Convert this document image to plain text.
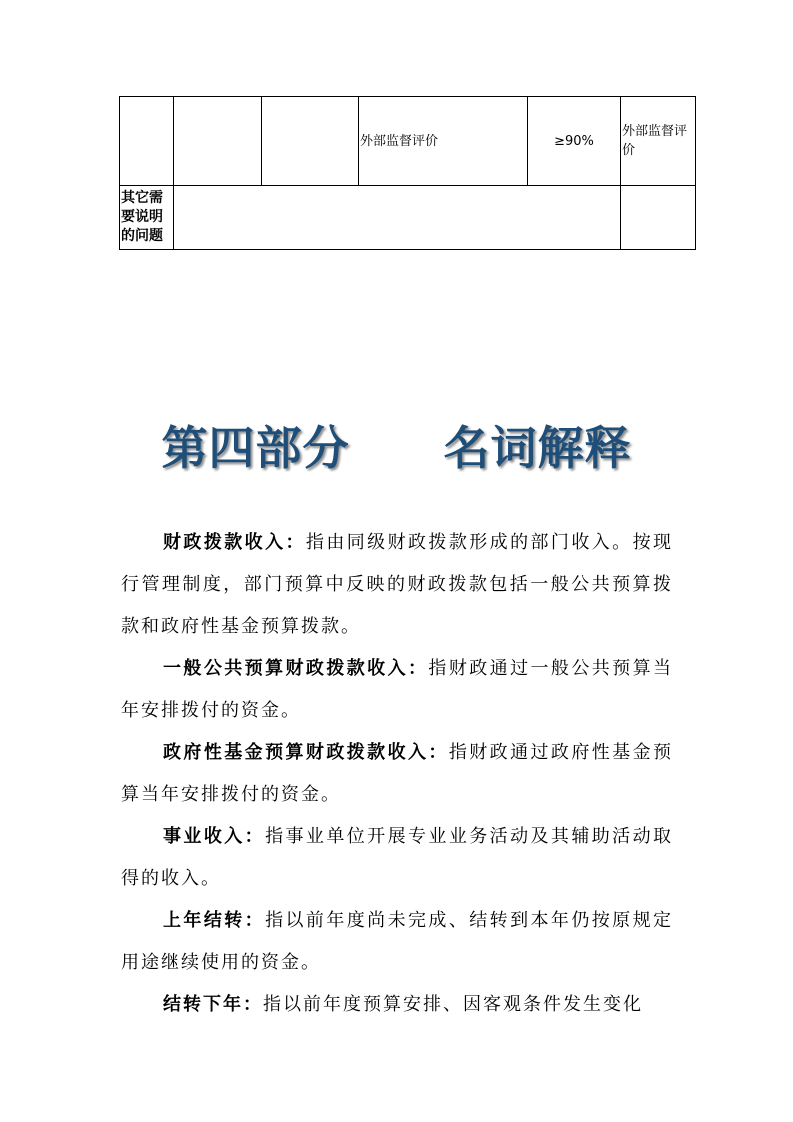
			外部监督评价	≥90%	外部监督评价
其它需要说明的问题					
第四部分　　名词解释

财政拨款收入：指由同级财政拨款形成的部门收入。按现行管理制度，部门预算中反映的财政拨款包括一般公共预算拨款和政府性基金预算拨款。

一般公共预算财政拨款收入：指财政通过一般公共预算当年安排拨付的资金。

政府性基金预算财政拨款收入：指财政通过政府性基金预算当年安排拨付的资金。

事业收入：指事业单位开展专业业务活动及其辅助活动取得的收入。

上年结转：指以前年度尚未完成、结转到本年仍按原规定用途继续使用的资金。

结转下年：指以前年度预算安排、因客观条件发生变化
